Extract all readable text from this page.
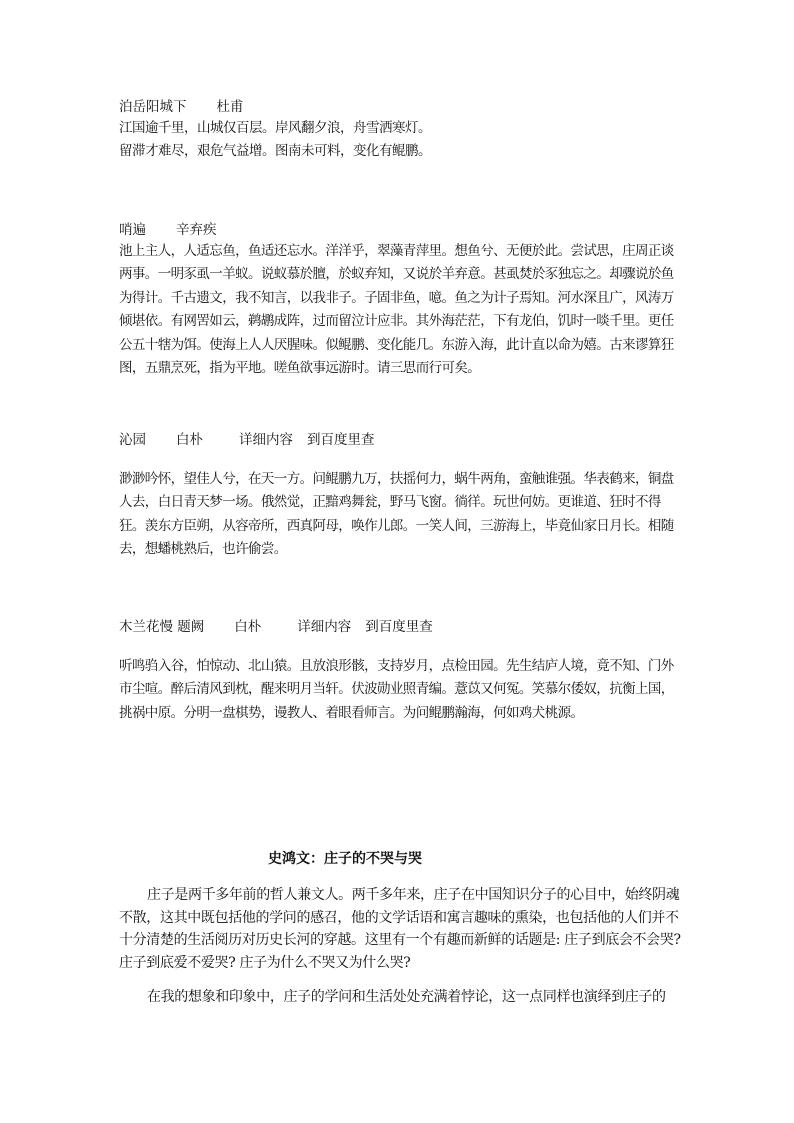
泊岳阳城下 杜甫

江国逾千里，山城仅百层。岸风翻夕浪，舟雪洒寒灯。

留滞才难尽，艰危气益增。图南未可料，变化有鲲鹏。

哨遍 辛弃疾

池上主人，人适忘鱼，鱼适还忘水。洋洋乎，翠藻青萍里。想鱼兮、无便於此。尝试思，庄周正谈两事。一明豕虱一羊蚁。说蚁慕於膻，於蚁弃知，又说於羊弃意。甚虱焚於豕独忘之。却骤说於鱼为得计。千古遗文，我不知言，以我非子。子固非鱼，噫。鱼之为计子焉知。河水深且广，风涛万倾堪依。有网罟如云，鹈鹕成阵，过而留泣计应非。其外海茫茫，下有龙伯，饥时一啖千里。更任公五十犗为饵。使海上人人厌腥味。似鲲鹏、变化能几。东游入海，此计直以命为嬉。古来谬算狂图，五鼎烹死，指为平地。嗟鱼欲事远游时。请三思而行可矣。

沁园 白朴	详细内容 到百度里查

渺渺吟怀，望佳人兮，在天一方。问鲲鹏九万，扶摇何力，蜗牛两角，蛮触谁强。华表鹤来，铜盘人去，白日青天梦一场。俄然觉，正黯鸡舞瓮，野马飞窗。徜徉。玩世何妨。更谁道、狂时不得狂。羡东方臣朔，从容帝所，西真阿母，唤作儿郎。一笑人间，三游海上，毕竟仙家日月长。相随去，想蟠桃熟后，也许偷尝。

木兰花慢 题阙 白朴	详细内容 到百度里查

听鸣驺入谷，怕惊动、北山猿。且放浪形骸，支持岁月，点检田园。先生结庐人境，竟不知、门外市尘喧。醉后清风到枕，醒来明月当轩。伏波勋业照青编。薏苡又何冤。笑慕尔倭奴，抗衡上国，挑祸中原。分明一盘棋势，谩教人、着眼看师言。为问鲲鹏瀚海，何如鸡犬桃源。

史鸿文：庄子的不哭与哭

庄子是两千多年前的哲人兼文人。两千多年来，庄子在中国知识分子的心目中，始终阴魂不散，这其中既包括他的学问的感召，他的文学话语和寓言趣味的熏染，也包括他的人们并不十分清楚的生活阅历对历史长河的穿越。这里有一个有趣而新鲜的话题是: 庄子到底会不会哭? 庄子到底爱不爱哭? 庄子为什么不哭又为什么哭?

在我的想象和印象中，庄子的学问和生活处处充满着悖论，这一点同样也演绎到庄子的
